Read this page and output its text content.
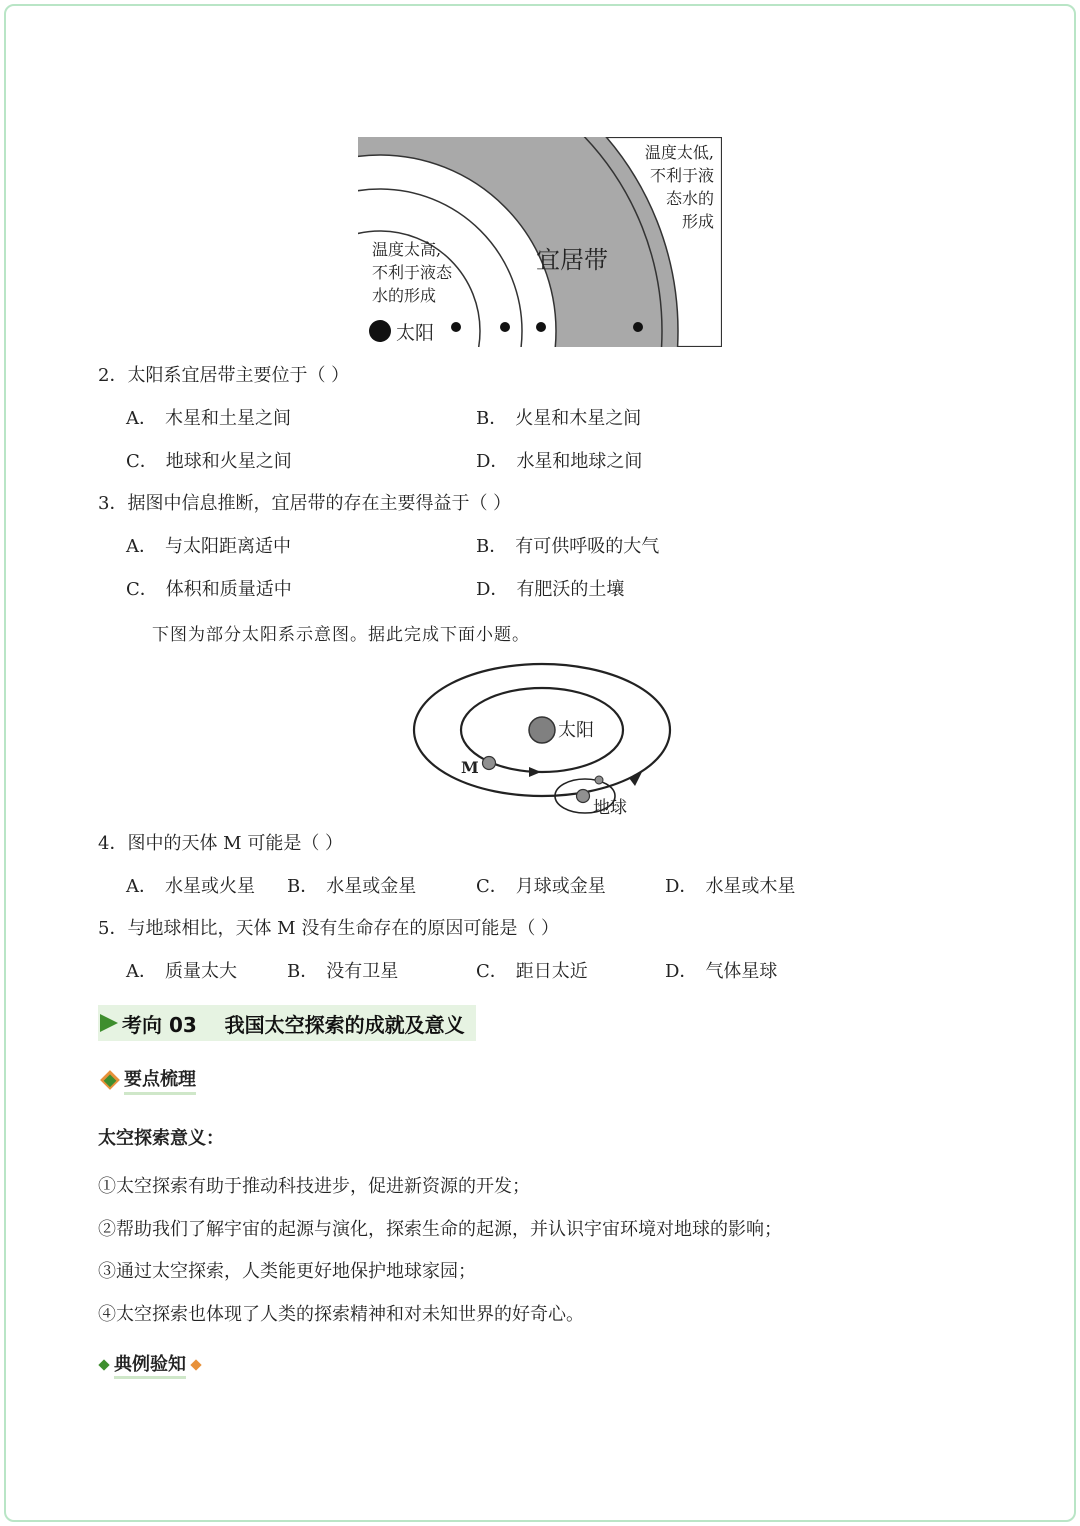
太阳
宜居带
温度太高,
不利于液态
水的形成
温度太低,
不利于液
态水的
形成
2．太阳系宜居带主要位于（ ）
A． 木星和土星之间	B． 火星和木星之间
C． 地球和火星之间	D． 水星和地球之间
3．据图中信息推断，宜居带的存在主要得益于（ ）
A． 与太阳距离适中	B． 有可供呼吸的大气
C． 体积和质量适中	D． 有肥沃的土壤
下图为部分太阳系示意图。据此完成下面小题。
太阳
M
地球
4．图中的天体 M 可能是（ ）
A． 水星或火星 B． 水星或金星	C． 月球或金星	D． 水星或木星
5．与地球相比，天体 M 没有生命存在的原因可能是（ ）
A． 质量太大	B． 没有卫星	C． 距日太近	D． 气体星球
考向 03    我国太空探索的成就及意义
要点梳理
太空探索意义：
①太空探索有助于推动科技进步，促进新资源的开发；
②帮助我们了解宇宙的起源与演化，探索生命的起源，并认识宇宙环境对地球的影响；
③通过太空探索，人类能更好地保护地球家园；
④太空探索也体现了人类的探索精神和对未知世界的好奇心。
典例验知
